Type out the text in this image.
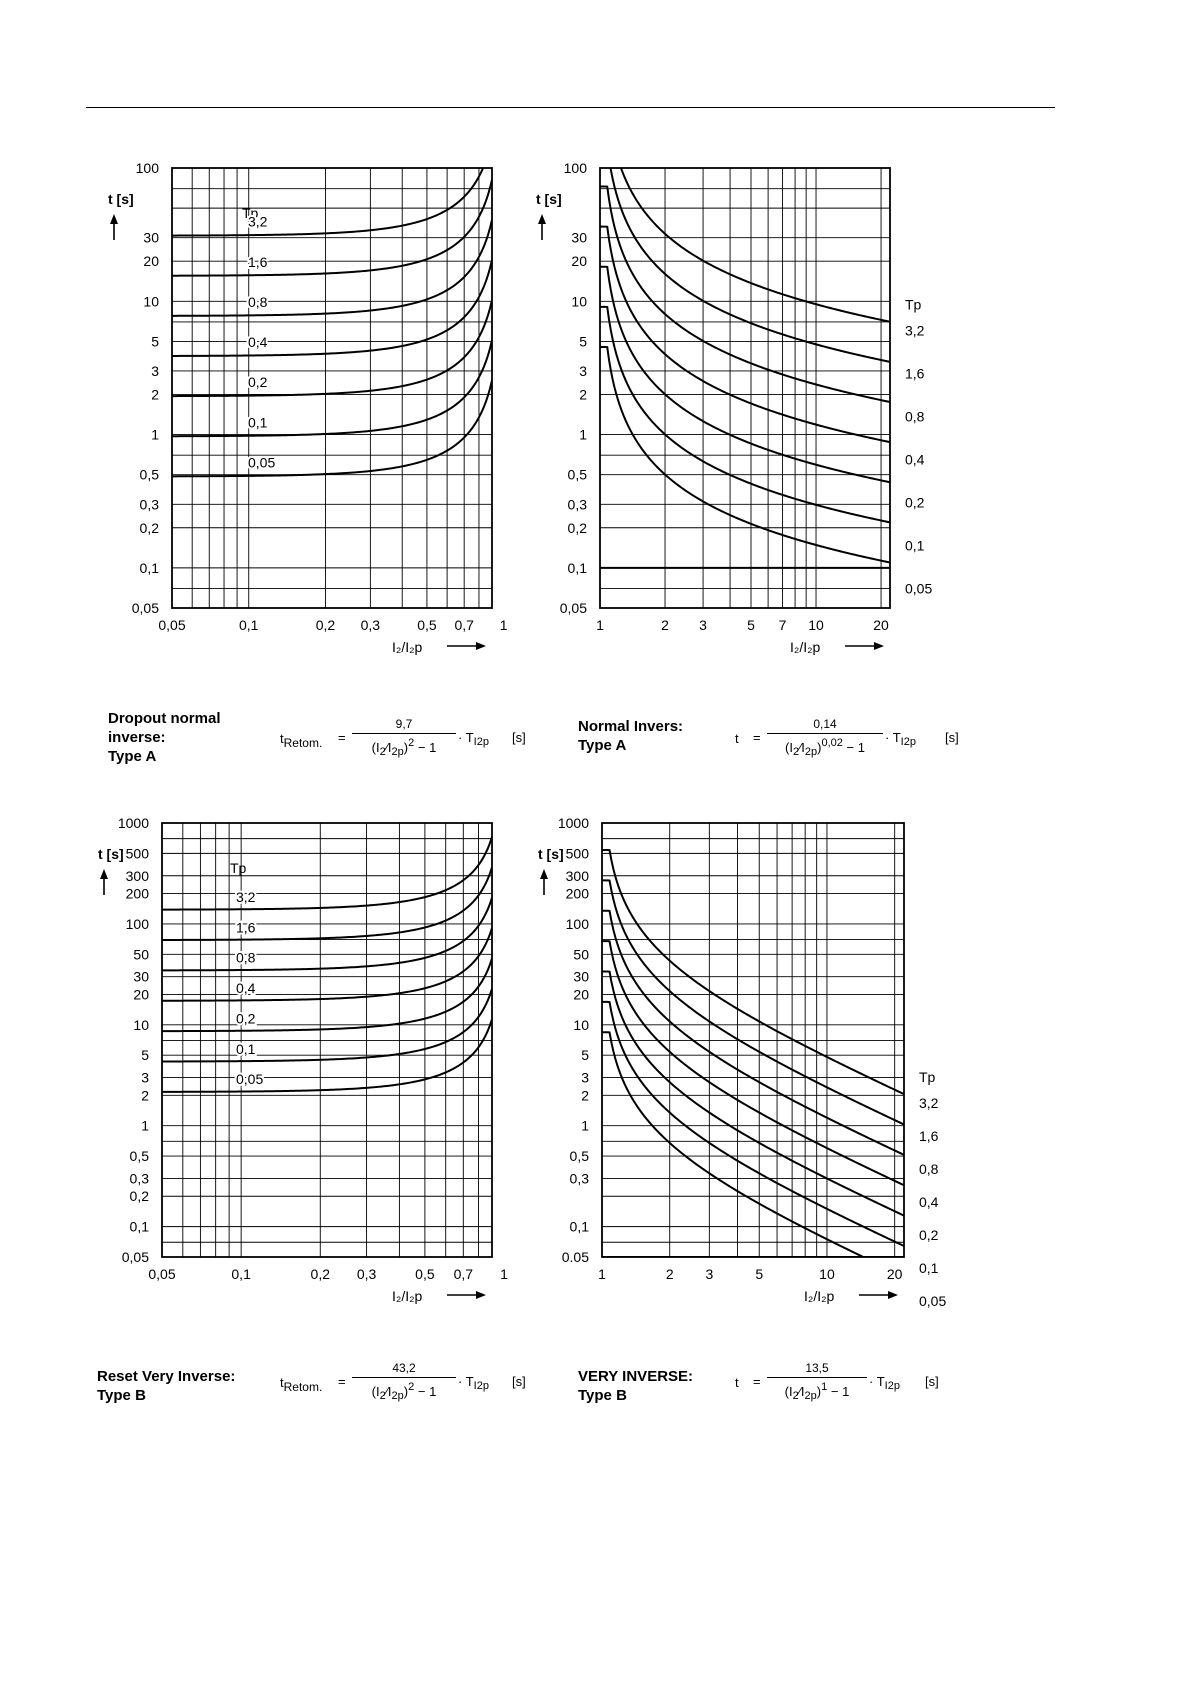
100
30
20
10
5
3
2
1
0,5
0,3
0,2
0,1
0,05
0,05	0,1	0,2 0,3	0,5 0,7 1
t [s]
I₂/I₂p
Tp
3,2
1,6
0,8
0,4
0,2
0,1
0,05
Dropout normal
inverse:
Type A
$t_{Retom.}$ =
9,7
$(I_2⁄I_{2p})^2 - 1$
· $T_{I2p}$ [s]
100
30
20
10
5
3
2
1
0,5
0,3
0,2
0,1
0,05
1	2 3	5 7 10	20
t [s]
I₂/I₂p
Tp
3,2
1,6
0,8
0,4
0,2
0,1
0,05
Normal Invers:
Type A	t =
0,14
$(I_2⁄I_{2p})^{0,02} - 1$
· $T_{I2p}$ [s]
1000
500
300
200
100
50
30
20
10
5
3
2
1
0,5
0,3
0,2
0,1
0,05
0,05	0,1	0,2 0,3	0,5 0,7 1
t [s]
I₂/I₂p
Tp
3,2
1,6
0,8
0,4
0,2
0,1
0,05
Reset Very Inverse:
Type B
$t_{Retom.}$ =
43,2
$(I_2⁄I_{2p})^2 - 1$
· $T_{I2p}$ [s]
1000
500
300
200
100
50
30
20
10
5
3
2
1
0,5
0,3
0,1
0.05
1	2 3	5	10	20
t [s]
I₂/I₂p
Tp
3,2
1,6
0,8
0,4
0,2
0,1
0,05
VERY INVERSE:
Type B
t =
13,5
$(I_2⁄I_{2p})^1 - 1$
· $T_{I2p}$ [s]
